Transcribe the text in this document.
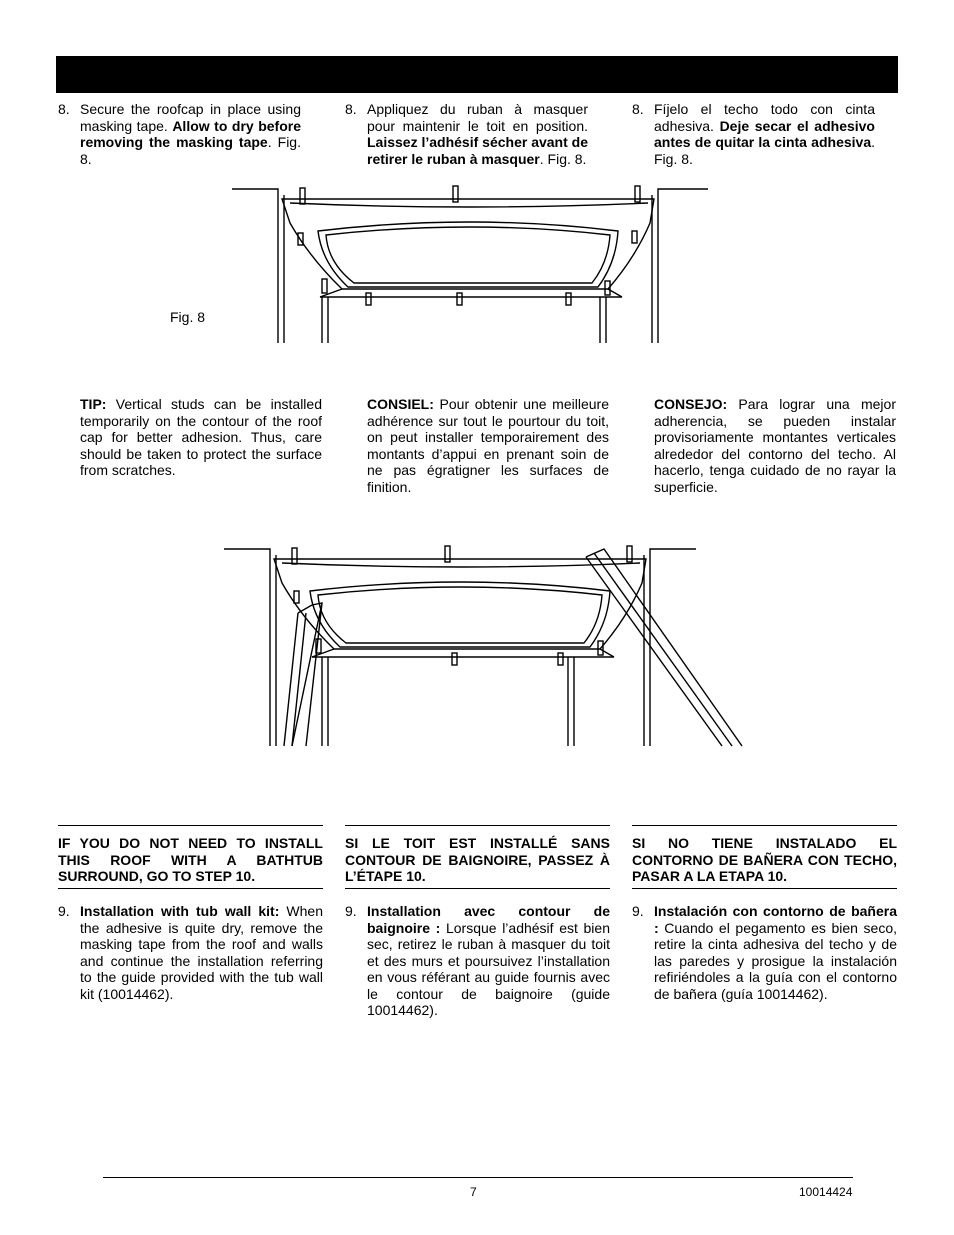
8. Secure the roofcap in place using masking tape. Allow to dry before removing the masking tape. Fig. 8.
8. Appliquez du ruban à masquer pour maintenir le toit en position. Laissez l’adhésif sécher avant de retirer le ruban à masquer. Fig. 8.
8. Fíjelo el techo todo con cinta adhesiva. Deje secar el adhesivo antes de quitar la cinta adhesiva. Fig. 8.
Fig. 8
TIP: Vertical studs can be installed temporarily on the contour of the roof cap for better adhesion. Thus, care should be taken to protect the surface from scratches.
CONSIEL: Pour obtenir une meilleure adhérence sur tout le pourtour du toit, on peut installer temporairement des montants d’appui en prenant soin de ne pas égratigner les surfaces de finition.
CONSEJO: Para lograr una mejor adherencia, se pueden instalar provisoriamente montantes verticales alrededor del contorno del techo. Al hacerlo, tenga cuidado de no rayar la superficie.
IF YOU DO NOT NEED TO INSTALL THIS ROOF WITH A BATHTUB SURROUND, GO TO STEP 10.
SI LE TOIT EST INSTALLÉ SANS CONTOUR DE BAIGNOIRE, PASSEZ À L’ÉTAPE 10.
SI NO TIENE INSTALADO EL CONTORNO DE BAÑERA CON TECHO, PASAR A LA ETAPA 10.
9. Installation with tub wall kit: When the adhesive is quite dry, remove the masking tape from the roof and walls and continue the installation referring to the guide provided with the tub wall kit (10014462).
9. Installation avec contour de baignoire : Lorsque l’adhésif est bien sec, retirez le ruban à masquer du toit et des murs et poursuivez l’installation en vous référant au guide fournis avec le contour de baignoire (guide 10014462).
9. Instalación con contorno de bañera : Cuando el pegamento es bien seco, retire la cinta adhesiva del techo y de las paredes y prosigue la instalación refiriéndoles a la guía con el contorno de bañera (guía 10014462).
7	10014424
